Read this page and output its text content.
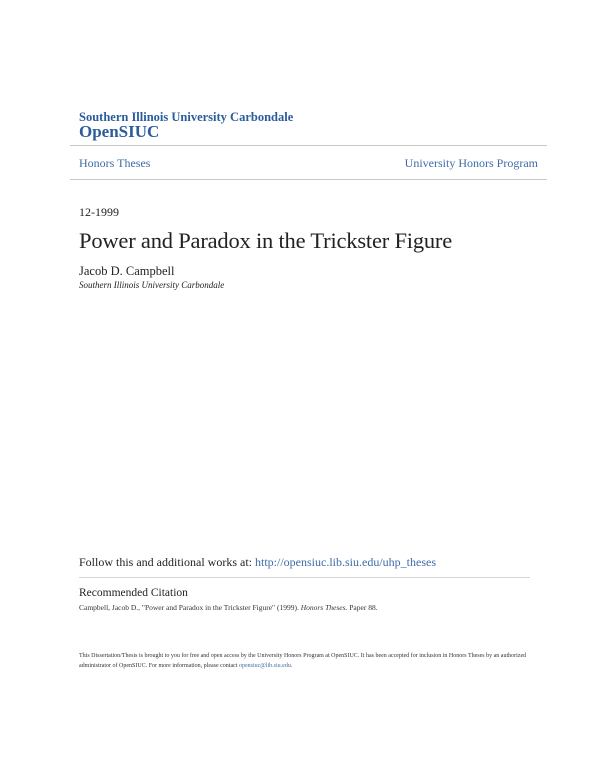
Southern Illinois University Carbondale
OpenSIUC
Honors Theses	University Honors Program
12-1999
Power and Paradox in the Trickster Figure
Jacob D. Campbell
Southern Illinois University Carbondale
Follow this and additional works at: http://opensiuc.lib.siu.edu/uhp_theses
Recommended Citation
Campbell, Jacob D., "Power and Paradox in the Trickster Figure" (1999). Honors Theses. Paper 88.
This Dissertation/Thesis is brought to you for free and open access by the University Honors Program at OpenSIUC. It has been accepted for inclusion in Honors Theses by an authorized administrator of OpenSIUC. For more information, please contact opensiuc@lib.siu.edu.
